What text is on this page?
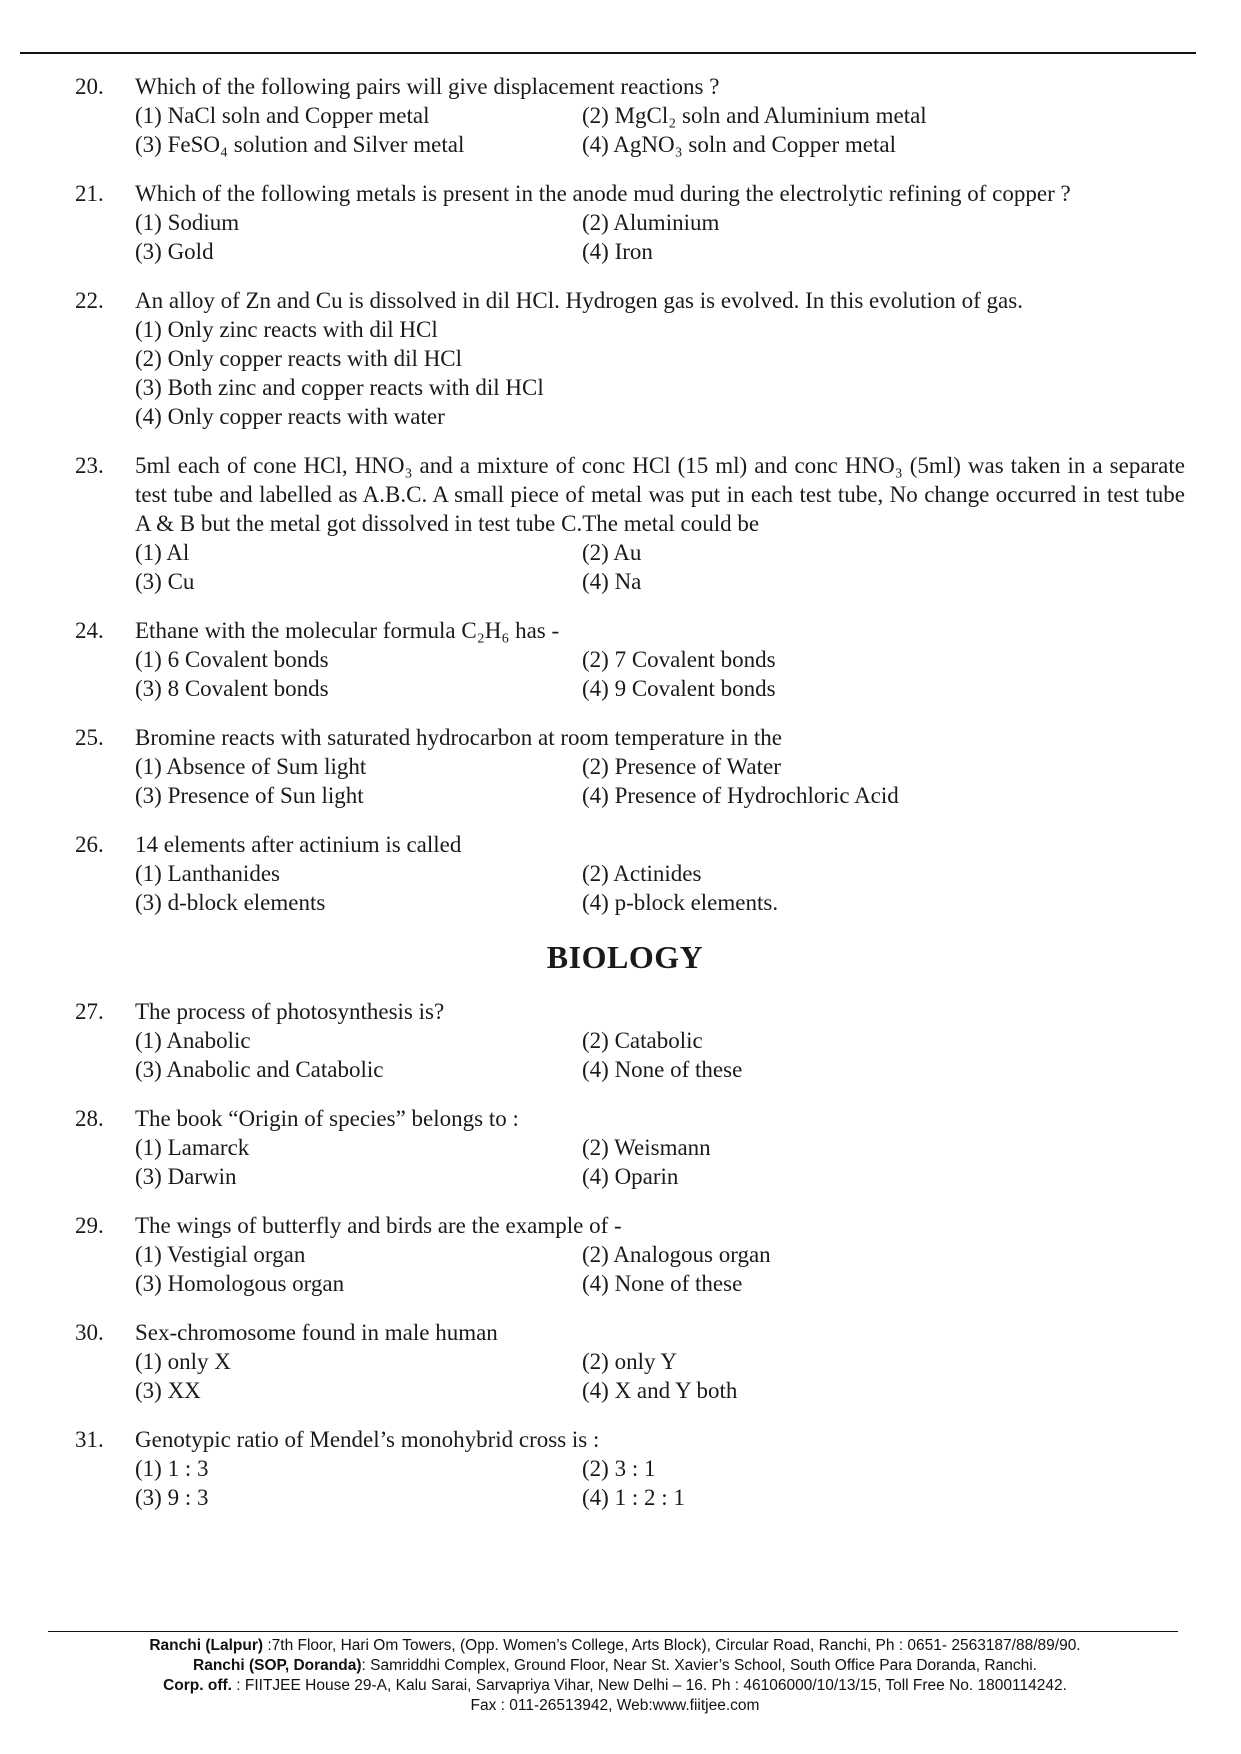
20.	Which of the following pairs will give displacement reactions ?
(1) NaCl soln and Copper metal	(2) MgCl₂ soln and Aluminium metal
(3) FeSO₄ solution and Silver metal	(4) AgNO₃ soln and Copper metal
21.	Which of the following metals is present in the anode mud during the electrolytic refining of copper ?
(1) Sodium	(2) Aluminium
(3) Gold	(4) Iron
22.	An alloy of Zn and Cu is dissolved in dil HCl. Hydrogen gas is evolved. In this evolution of gas.
(1) Only zinc reacts with dil HCl
(2) Only copper reacts with dil HCl
(3) Both zinc and copper reacts with dil HCl
(4) Only copper reacts with water
23.	5ml each of cone HCl, HNO₃ and a mixture of conc HCl (15 ml) and conc HNO₃ (5ml) was taken in a separate test tube and labelled as A.B.C. A small piece of metal was put in each test tube, No change occurred in test tube A & B but the metal got dissolved in test tube C.The metal could be
(1) Al	(2) Au
(3) Cu	(4) Na
24.	Ethane with the molecular formula C₂H₆ has -
(1) 6 Covalent bonds	(2) 7 Covalent bonds
(3) 8 Covalent bonds	(4) 9 Covalent bonds
25.	Bromine reacts with saturated hydrocarbon at room temperature in the
(1) Absence of Sum light	(2) Presence of Water
(3) Presence of Sun light	(4) Presence of Hydrochloric Acid
26.	14 elements after actinium is called
(1) Lanthanides	(2) Actinides
(3) d-block elements	(4) p-block elements.
BIOLOGY
27.	The process of photosynthesis is?
(1) Anabolic	(2) Catabolic
(3) Anabolic and Catabolic	(4) None of these
28.	The book “Origin of species” belongs to :
(1) Lamarck	(2) Weismann
(3) Darwin	(4) Oparin
29.	The wings of butterfly and birds are the example of -
(1) Vestigial organ	(2) Analogous organ
(3) Homologous organ	(4) None of these
30.	Sex-chromosome found in male human
(1) only X	(2) only Y
(3) XX	(4) X and Y both
31.	Genotypic ratio of Mendel’s monohybrid cross is :
(1) 1 : 3	(2) 3 : 1
(3) 9 : 3	(4) 1 : 2 : 1
Ranchi (Lalpur) :7th Floor, Hari Om Towers, (Opp. Women’s College, Arts Block), Circular Road, Ranchi, Ph : 0651- 2563187/88/89/90.
Ranchi (SOP, Doranda): Samriddhi Complex, Ground Floor, Near St. Xavier’s School, South Office Para Doranda, Ranchi.
Corp. off. : FIITJEE House 29-A, Kalu Sarai, Sarvapriya Vihar, New Delhi – 16. Ph : 46106000/10/13/15, Toll Free No. 1800114242.
Fax : 011-26513942, Web:www.fiitjee.com
